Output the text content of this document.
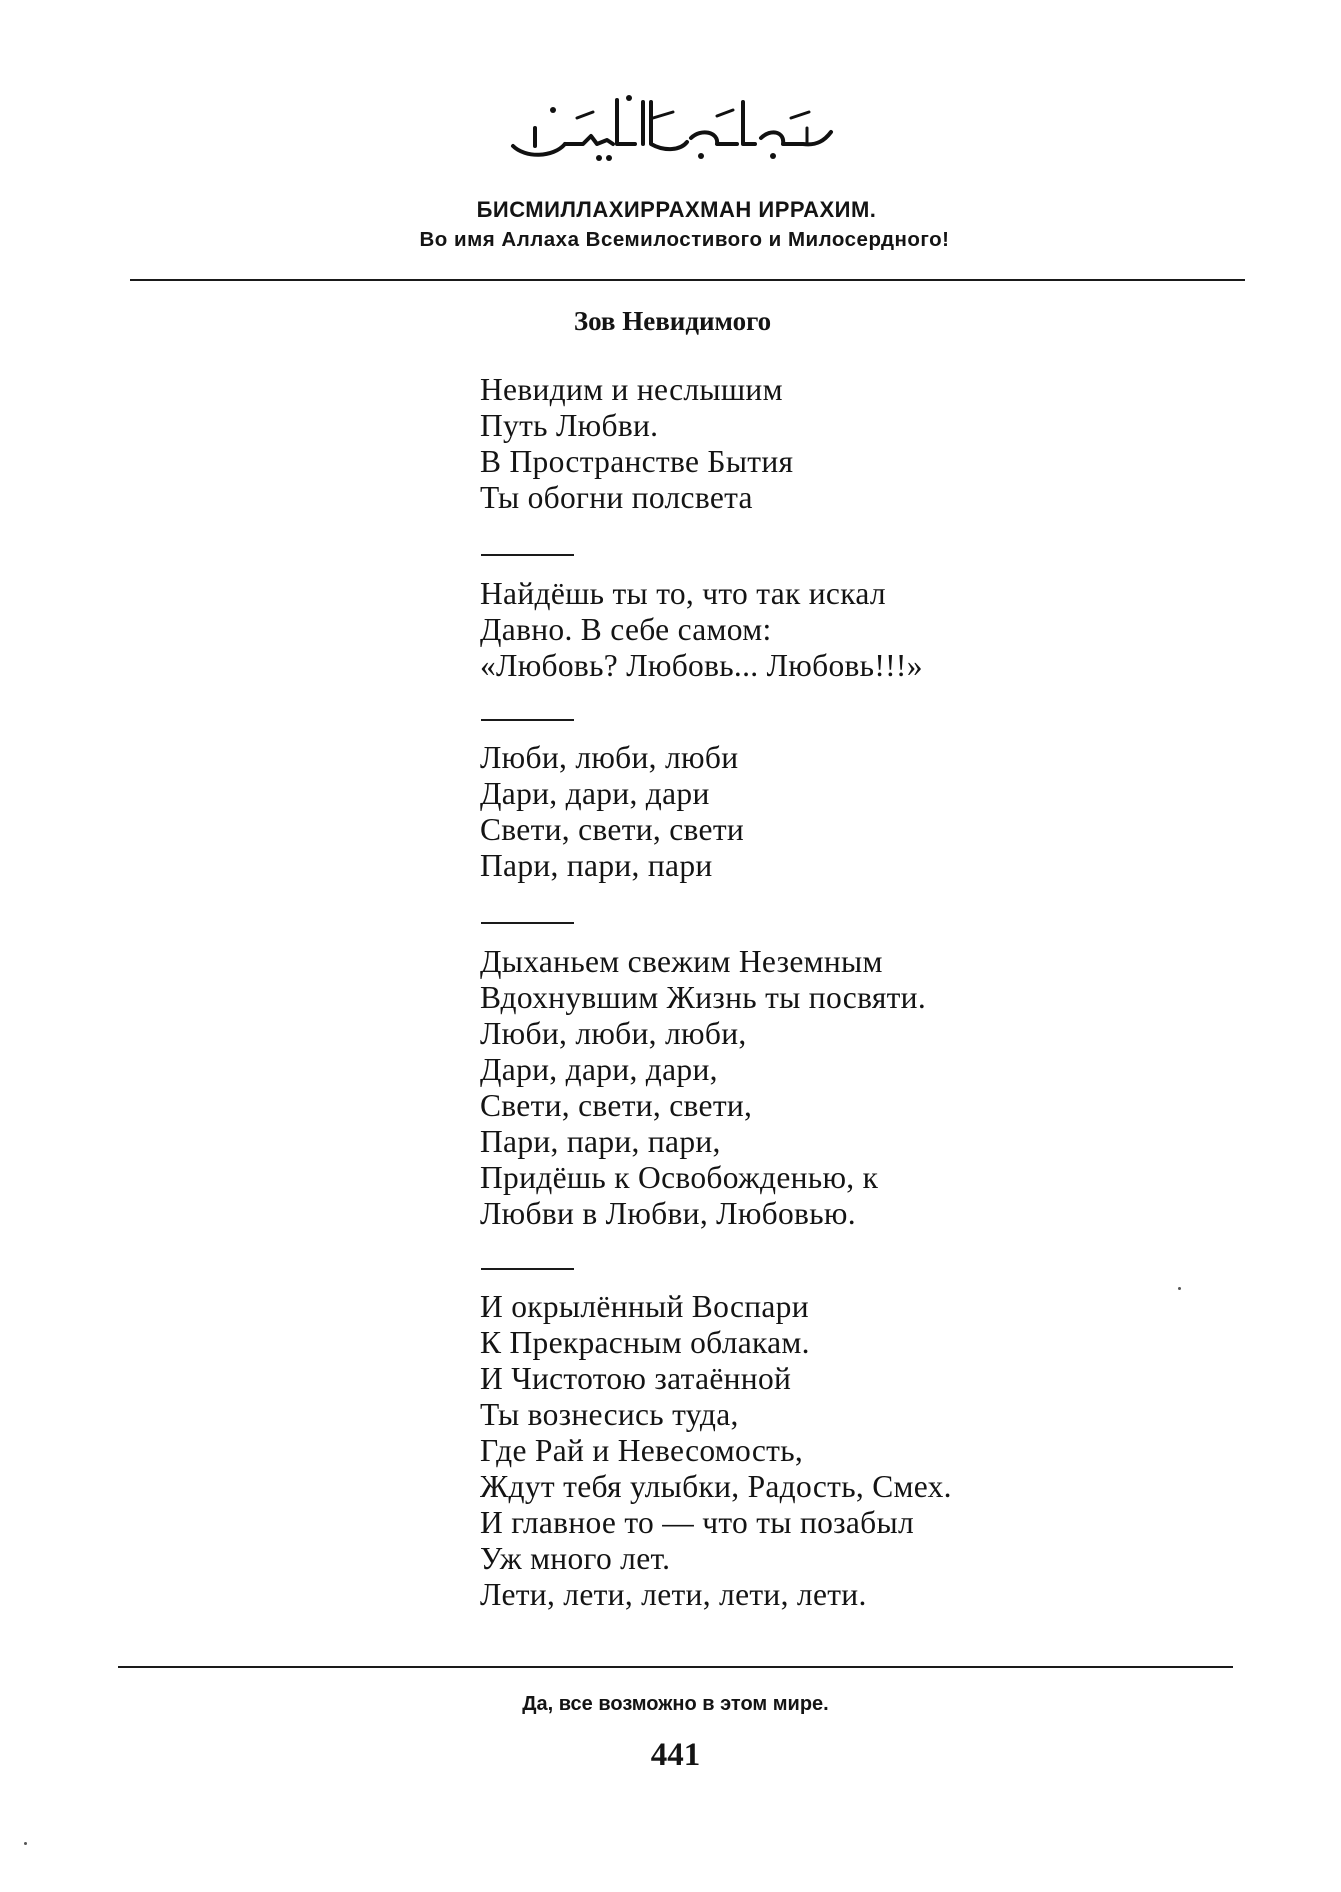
БИСМИЛЛАХИРРАХМАН ИРРАХИМ.
Во имя Аллаха Всемилостивого и Милосердного!
Зов Невидимого
Невидим и неслышим
Путь Любви.
В Пространстве Бытия
Ты обогни полсвета
Найдёшь ты то, что так искал
Давно. В себе самом:
«Любовь? Любовь... Любовь!!!»
Люби, люби, люби
Дари, дари, дари
Свети, свети, свети
Пари, пари, пари
Дыханьем свежим Неземным
Вдохнувшим Жизнь ты посвяти.
Люби, люби, люби,
Дари, дари, дари,
Свети, свети, свети,
Пари, пари, пари,
Придёшь к Освобожденью, к
Любви в Любви, Любовью.
И окрылённый Воспари
К Прекрасным облакам.
И Чистотою затаённой
Ты вознесись туда,
Где Рай и Невесомость,
Ждут тебя улыбки, Радость, Смех.
И главное то — что ты позабыл
Уж много лет.
Лети, лети, лети, лети, лети.
Да, все возможно в этом мире.
441
